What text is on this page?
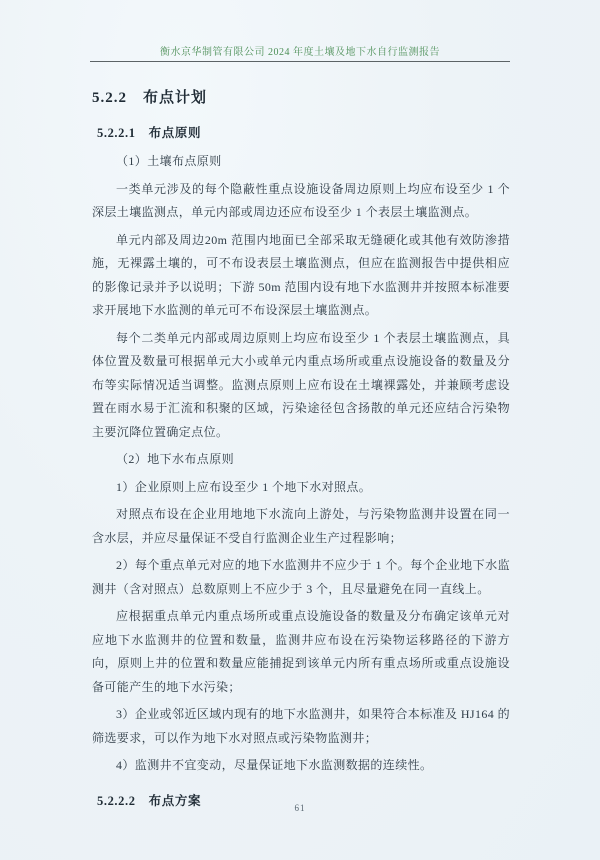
衡水京华制管有限公司 2024 年度土壤及地下水自行监测报告
5.2.2　布点计划
5.2.2.1　布点原则
（1）土壤布点原则

一类单元涉及的每个隐蔽性重点设施设备周边原则上均应布设至少 1 个深层土壤监测点，单元内部或周边还应布设至少 1 个表层土壤监测点。

单元内部及周边20m 范围内地面已全部采取无缝硬化或其他有效防渗措施，无裸露土壤的，可不布设表层土壤监测点，但应在监测报告中提供相应的影像记录并予以说明；下游 50m 范围内设有地下水监测井并按照本标准要求开展地下水监测的单元可不布设深层土壤监测点。

每个二类单元内部或周边原则上均应布设至少 1 个表层土壤监测点，具体位置及数量可根据单元大小或单元内重点场所或重点设施设备的数量及分布等实际情况适当调整。监测点原则上应布设在土壤裸露处，并兼顾考虑设置在雨水易于汇流和积聚的区域，污染途径包含扬散的单元还应结合污染物主要沉降位置确定点位。

（2）地下水布点原则

1）企业原则上应布设至少 1 个地下水对照点。

对照点布设在企业用地地下水流向上游处，与污染物监测井设置在同一含水层，并应尽量保证不受自行监测企业生产过程影响；

2）每个重点单元对应的地下水监测井不应少于 1 个。每个企业地下水监测井（含对照点）总数原则上不应少于 3 个，且尽量避免在同一直线上。

应根据重点单元内重点场所或重点设施设备的数量及分布确定该单元对应地下水监测井的位置和数量，监测井应布设在污染物运移路径的下游方向，原则上井的位置和数量应能捕捉到该单元内所有重点场所或重点设施设备可能产生的地下水污染；

3）企业或邻近区域内现有的地下水监测井，如果符合本标准及 HJ164 的筛选要求，可以作为地下水对照点或污染物监测井；

4）监测井不宜变动，尽量保证地下水监测数据的连续性。

5.2.2.2　布点方案
61
